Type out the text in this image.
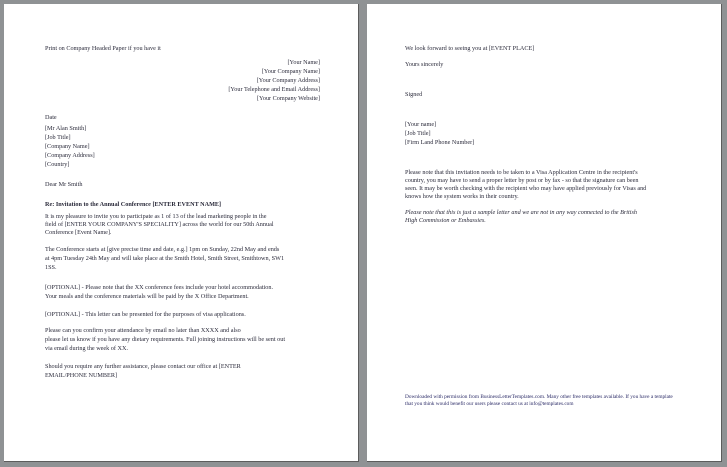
Print on Company Headed Paper if you have it
[Your Name]
[Your Company Name]
[Your Company Address]
[Your Telephone and Email Address]
[Your Company Website]
Date
[Mr Alan Smith]
[Job Title]
[Company Name]
[Company Address]
[Country]
Dear Mr Smith
Re: Invitation to the Annual Conference [ENTER EVENT NAME]
It is my pleasure to invite you to participate as 1 of 13 of the lead marketing people in the
field of [ENTER YOUR COMPANY'S SPECIALITY] across the world for our 50th Annual
Conference [Event Name].
The Conference starts at [give precise time and date, e.g.] 1pm on Sunday, 22nd May and ends
at 4pm Tuesday 24th May and will take place at the Smith Hotel, Smith Street, Smithtown, SW1
1SS.
[OPTIONAL] - Please note that the XX conference fees include your hotel accommodation.
Your meals and the conference materials will be paid by the X Office Department.
[OPTIONAL] - This letter can be presented for the purposes of visa applications.
Please can you confirm your attendance by email no later than XXXX and also
please let us know if you have any dietary requirements. Full joining instructions will be sent out
via email during the week of XX.
Should you require any further assistance, please contact our office at [ENTER
EMAIL/PHONE NUMBER]
We look forward to seeing you at [EVENT PLACE]
Yours sincerely
Signed
[Your name]
[Job Title]
[Firm Land Phone Number]
Please note that this invitation needs to be taken to a Visa Application Centre in the recipient's
country, you may have to send a proper letter by post or by fax - so that the signature can been
seen. It may be worth checking with the recipient who may have applied previously for Visas and
knows how the system works in their country.
Please note that this is just a sample letter and we are not in any way connected to the British
High Commission or Embassies.
Downloaded with permission from BusinessLetterTemplates.com. Many other free templates available. If you have a template
that you think would benefit our users please contact us at info@templates.com
